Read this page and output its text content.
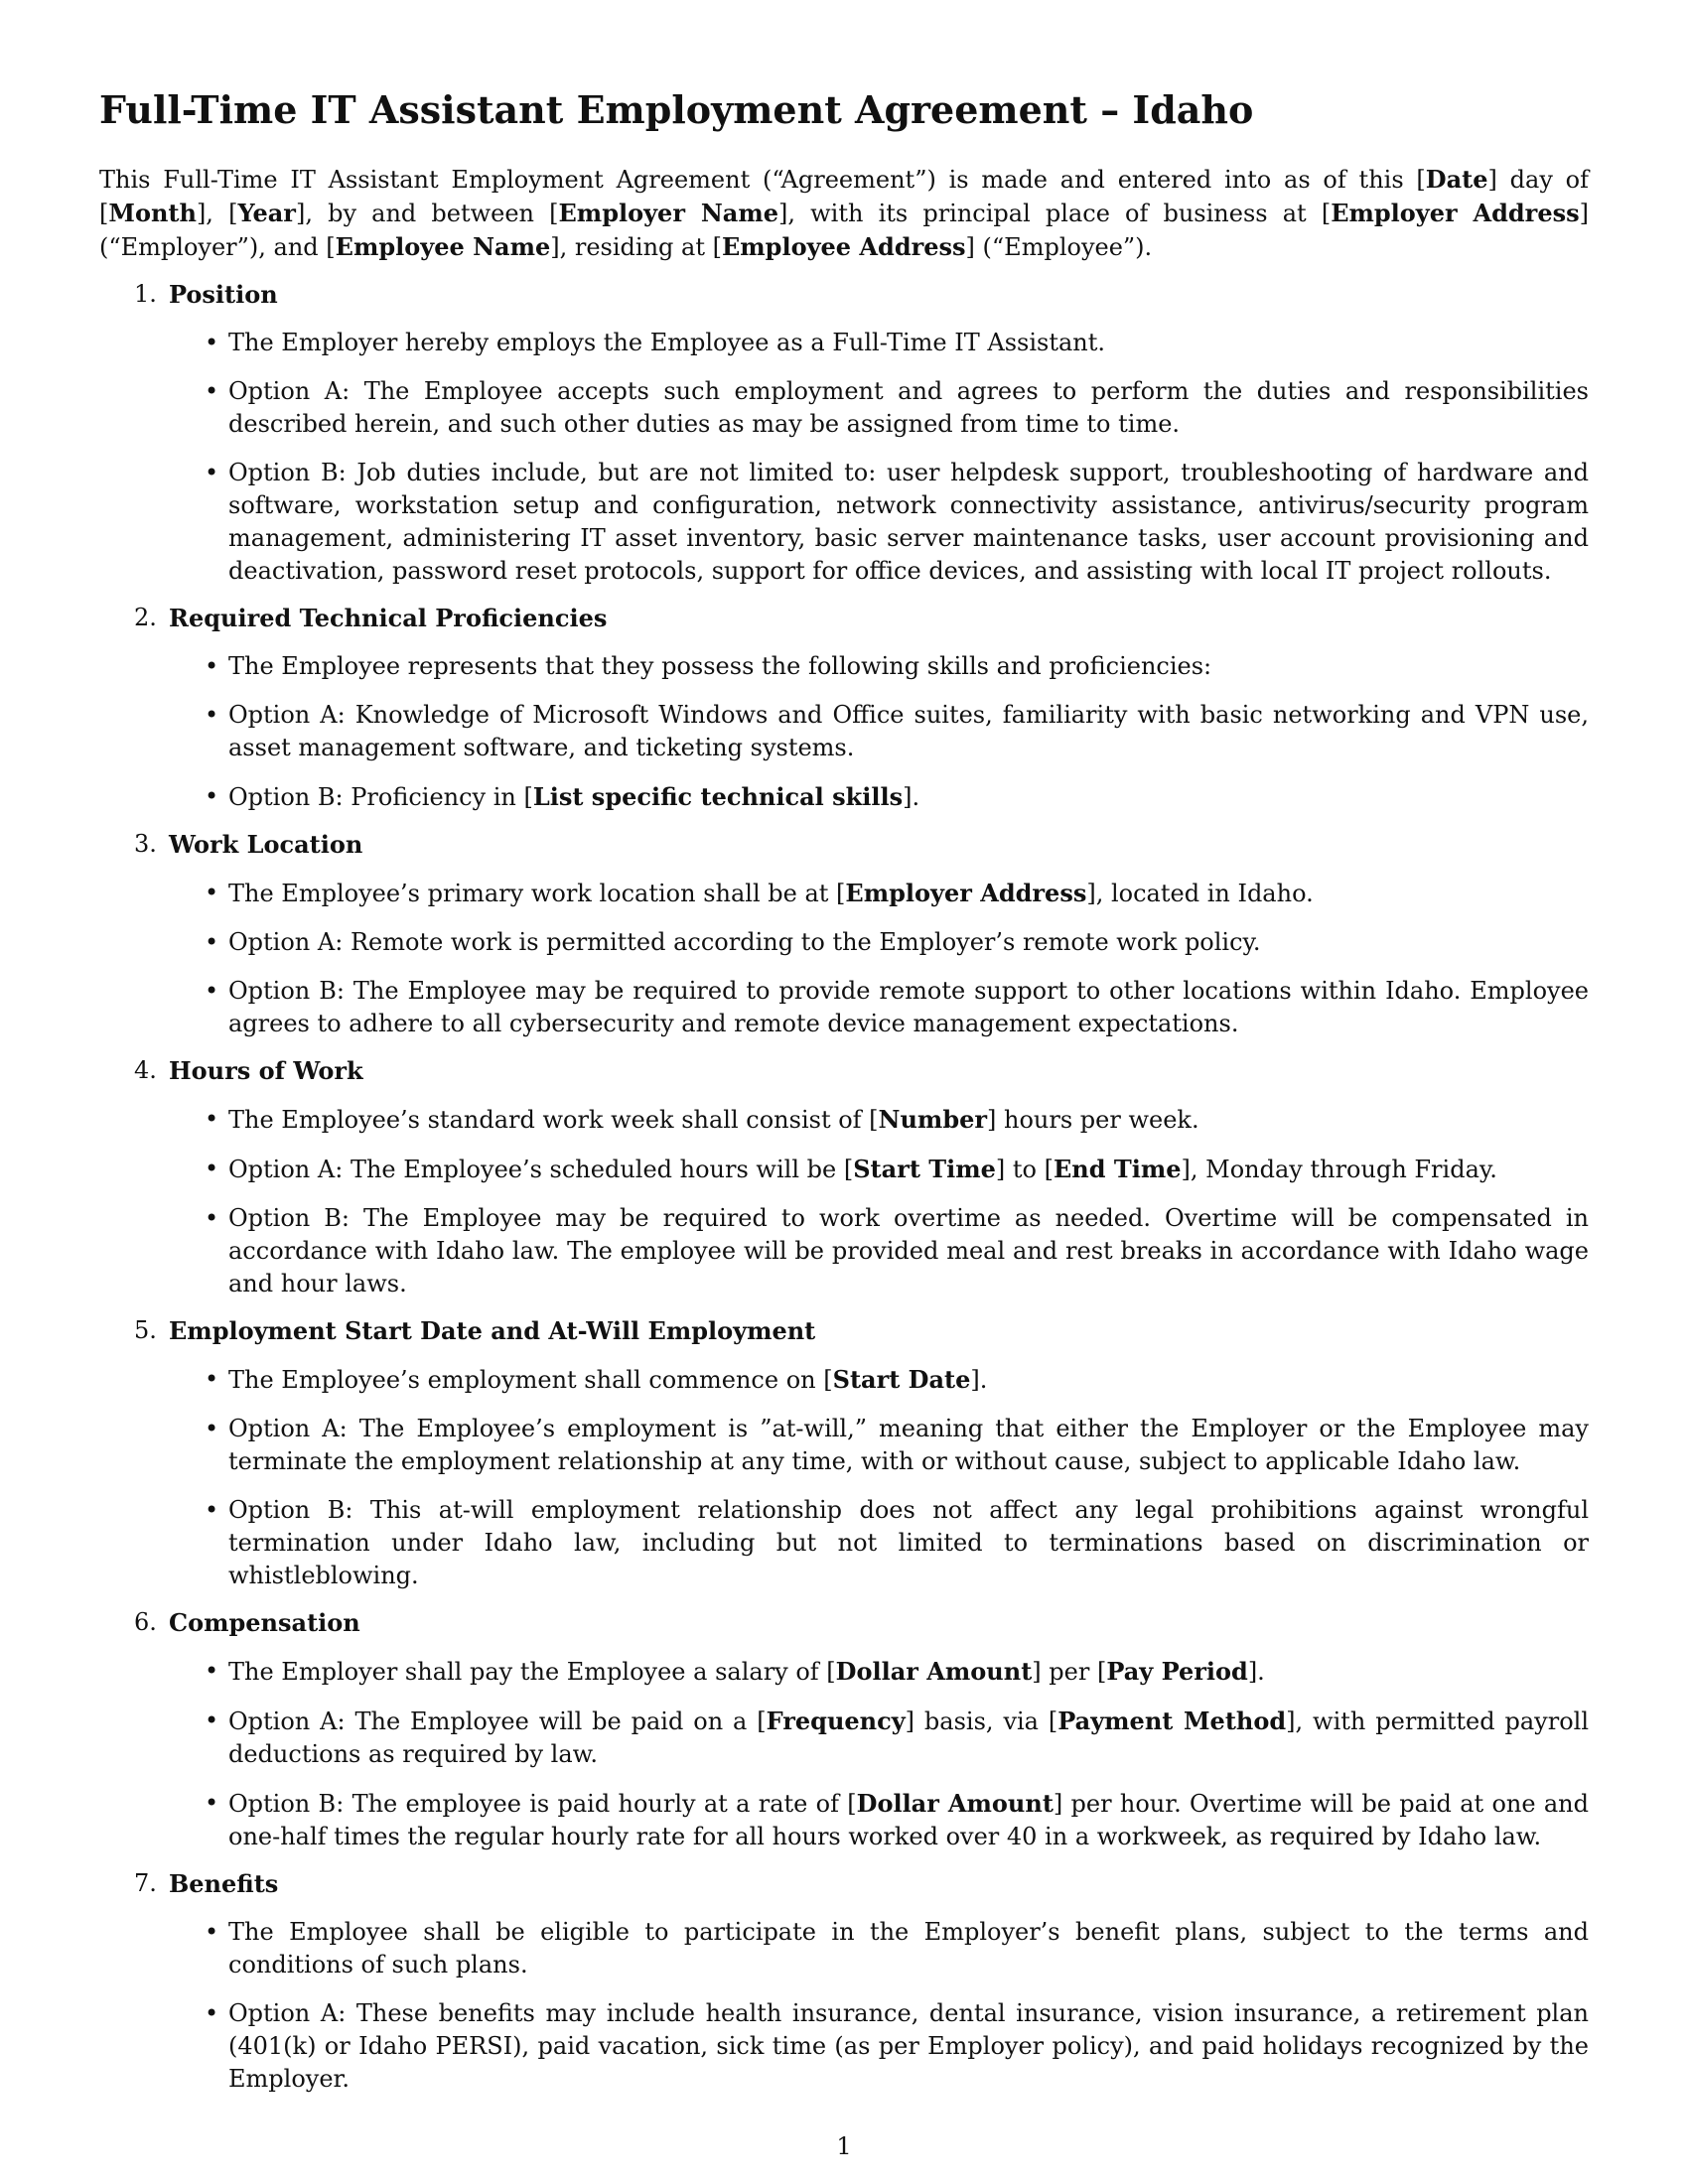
Full-Time IT Assistant Employment Agreement – Idaho

This Full-Time IT Assistant Employment Agreement (“Agreement”) is made and entered into as of this [Date] day of [Month], [Year], by and between [Employer Name], with its principal place of business at [Employer Address] (“Employer”), and [Employee Name], residing at [Employee Address] (“Employee”).

1. Position
• The Employer hereby employs the Employee as a Full-Time IT Assistant.
• Option A: The Employee accepts such employment and agrees to perform the duties and responsibilities described herein, and such other duties as may be assigned from time to time.
• Option B: Job duties include, but are not limited to: user helpdesk support, troubleshooting of hardware and software, workstation setup and configuration, network connectivity assistance, antivirus/security program management, administering IT asset inventory, basic server maintenance tasks, user account provisioning and deactivation, password reset protocols, support for office devices, and assisting with local IT project rollouts.
2. Required Technical Proficiencies
• The Employee represents that they possess the following skills and proficiencies:
• Option A: Knowledge of Microsoft Windows and Office suites, familiarity with basic networking and VPN use, asset management software, and ticketing systems.
• Option B: Proficiency in [List specific technical skills].
3. Work Location
• The Employee’s primary work location shall be at [Employer Address], located in Idaho.
• Option A: Remote work is permitted according to the Employer’s remote work policy.
• Option B: The Employee may be required to provide remote support to other locations within Idaho. Employee agrees to adhere to all cybersecurity and remote device management expectations.
4. Hours of Work
• The Employee’s standard work week shall consist of [Number] hours per week.
• Option A: The Employee’s scheduled hours will be [Start Time] to [End Time], Monday through Friday.
• Option B: The Employee may be required to work overtime as needed. Overtime will be compensated in accordance with Idaho law. The employee will be provided meal and rest breaks in accordance with Idaho wage and hour laws.
5. Employment Start Date and At-Will Employment
• The Employee’s employment shall commence on [Start Date].
• Option A: The Employee’s employment is ”at-will,” meaning that either the Employer or the Employee may terminate the employment relationship at any time, with or without cause, subject to applicable Idaho law.
• Option B: This at-will employment relationship does not affect any legal prohibitions against wrongful termination under Idaho law, including but not limited to terminations based on discrimination or whistleblowing.
6. Compensation
• The Employer shall pay the Employee a salary of [Dollar Amount] per [Pay Period].
• Option A: The Employee will be paid on a [Frequency] basis, via [Payment Method], with permitted payroll deductions as required by law.
• Option B: The employee is paid hourly at a rate of [Dollar Amount] per hour. Overtime will be paid at one and one-half times the regular hourly rate for all hours worked over 40 in a workweek, as required by Idaho law.
7. Benefits
• The Employee shall be eligible to participate in the Employer’s benefit plans, subject to the terms and conditions of such plans.
• Option A: These benefits may include health insurance, dental insurance, vision insurance, a retirement plan (401(k) or Idaho PERSI), paid vacation, sick time (as per Employer policy), and paid holidays recognized by the Employer.
1
